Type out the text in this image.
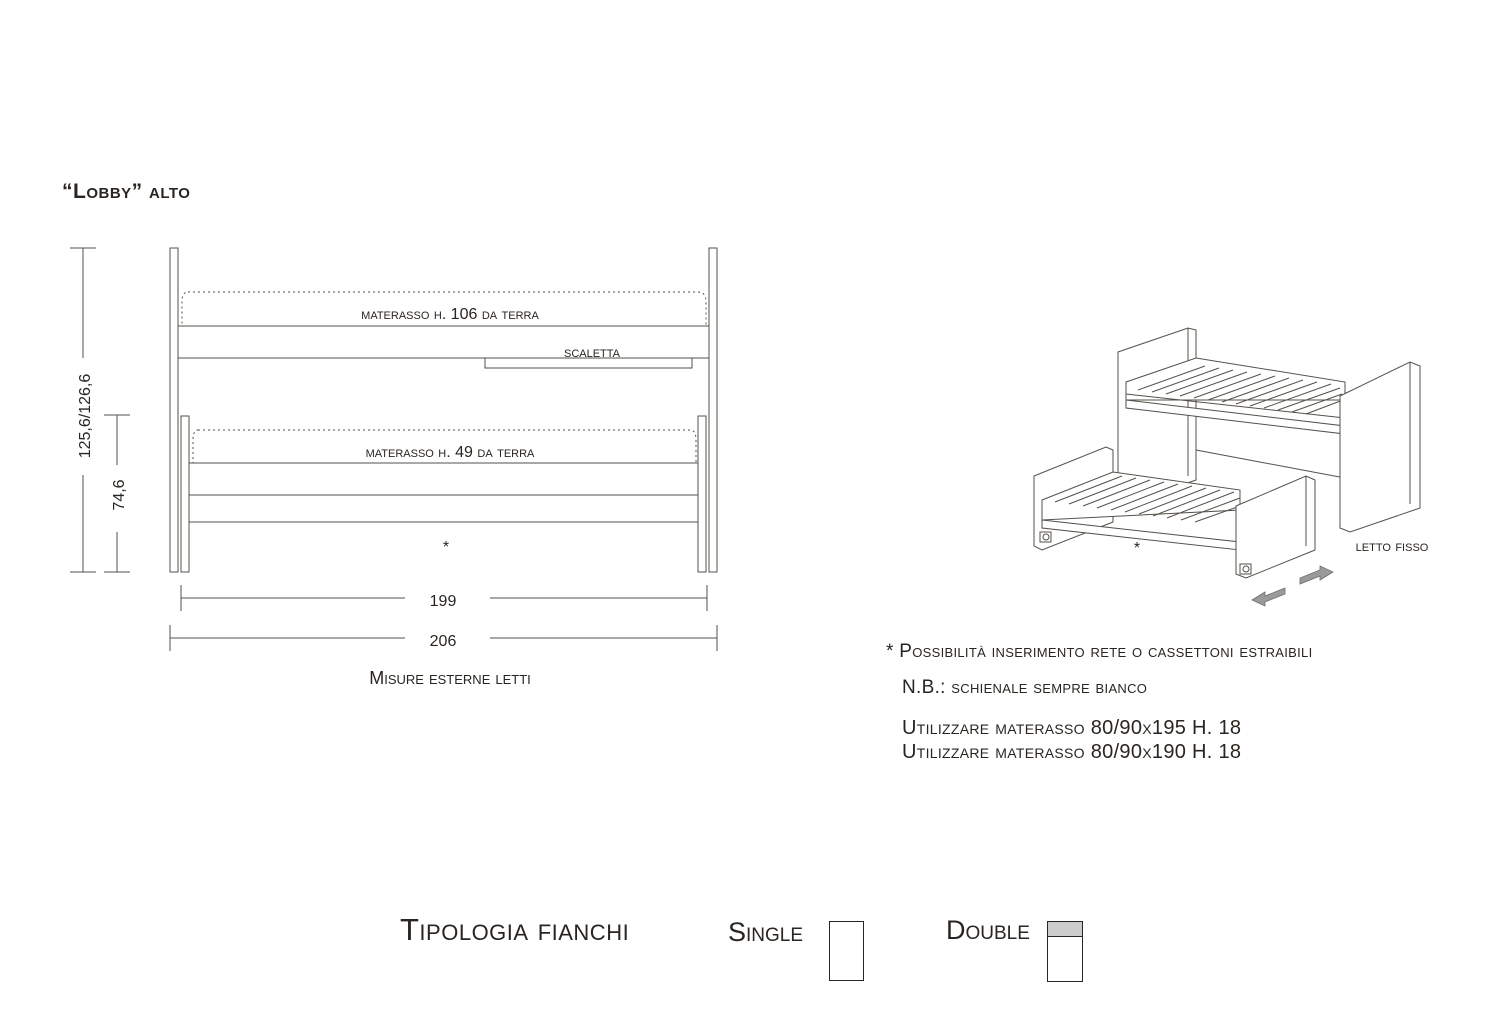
“Lobby” alto
materasso h. 106 da terra
scaletta
materasso h. 49 da terra
*
125,6/126,6
74,6
199
206
Misure esterne letti
*	letto fisso
* Possibilità inserimento rete o cassettoni estraibili
N.B.: schienale sempre bianco
Utilizzare materasso 80/90x195 H. 18
Utilizzare materasso 80/90x190 H. 18
Tipologia fianchi	Single	Double
